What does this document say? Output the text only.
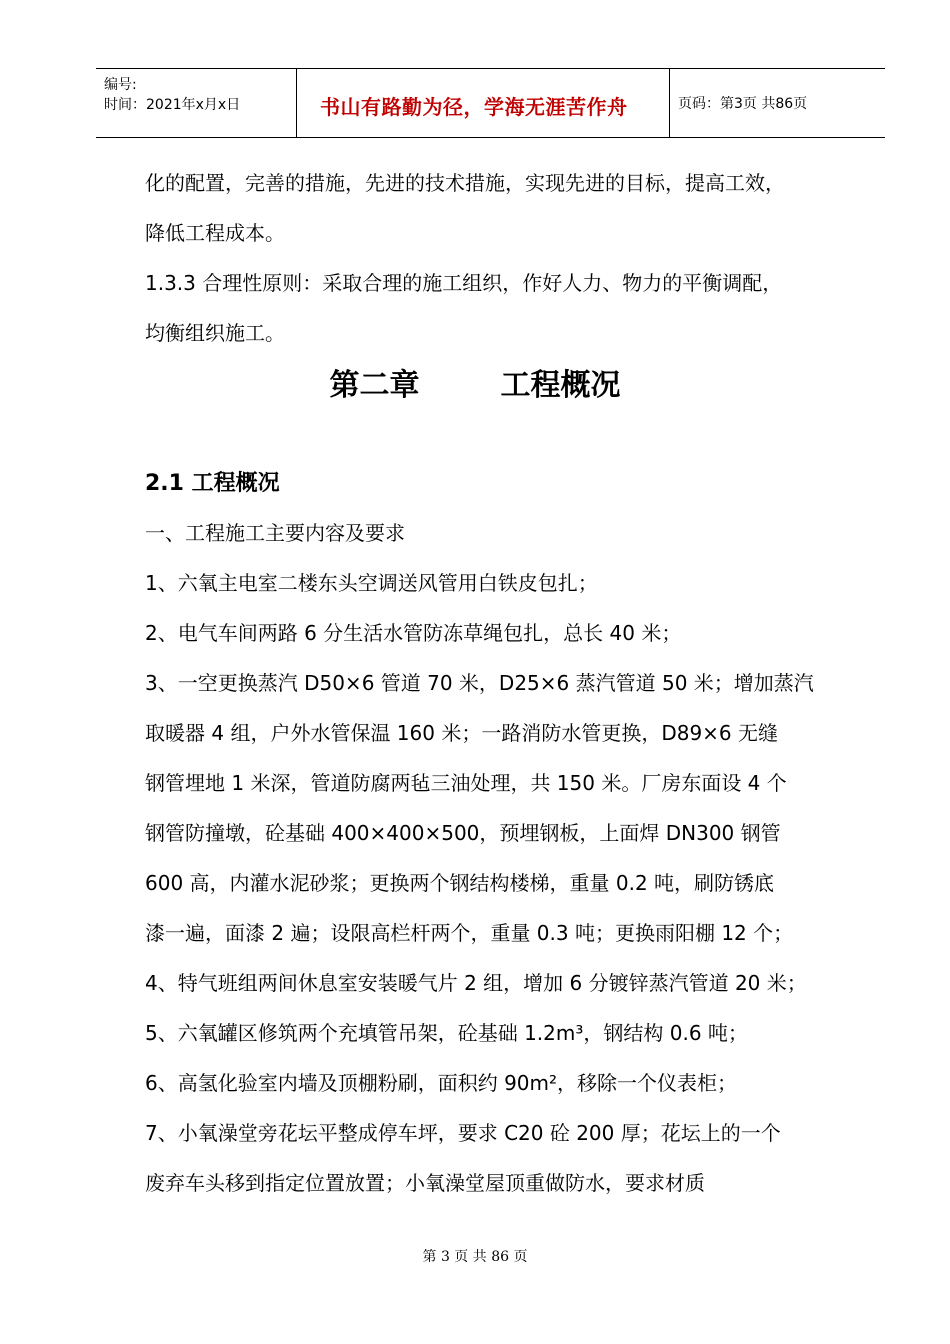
编号:
时间：2021年x月x日	书山有路勤为径，学海无涯苦作舟	页码：第3页 共86页
化的配置，完善的措施，先进的技术措施，实现先进的目标，提高工效，
降低工程成本。
1.3.3 合理性原则：采取合理的施工组织，作好人力、物力的平衡调配，
均衡组织施工。
第二章	工程概况
2.1 工程概况
一、工程施工主要内容及要求
1、六氧主电室二楼东头空调送风管用白铁皮包扎；
2、电气车间两路 6 分生活水管防冻草绳包扎，总长 40 米；
3、一空更换蒸汽 D50×6 管道 70 米，D25×6 蒸汽管道 50 米；增加蒸汽
取暖器 4 组，户外水管保温 160 米；一路消防水管更换，D89×6 无缝
钢管埋地 1 米深，管道防腐两毡三油处理，共 150 米。厂房东面设 4 个
钢管防撞墩，砼基础 400×400×500，预埋钢板，上面焊 DN300 钢管
600 高，内灌水泥砂浆；更换两个钢结构楼梯，重量 0.2 吨，刷防锈底
漆一遍，面漆 2 遍；设限高栏杆两个，重量 0.3 吨；更换雨阳棚 12 个；
4、特气班组两间休息室安装暖气片 2 组，增加 6 分镀锌蒸汽管道 20 米；
5、六氧罐区修筑两个充填管吊架，砼基础 1.2m³，钢结构 0.6 吨；
6、高氢化验室内墙及顶棚粉刷，面积约 90m²，移除一个仪表柜；
7、小氧澡堂旁花坛平整成停车坪，要求 C20 砼 200 厚；花坛上的一个
废弃车头移到指定位置放置；小氧澡堂屋顶重做防水，要求材质
第 3 页 共 86 页
